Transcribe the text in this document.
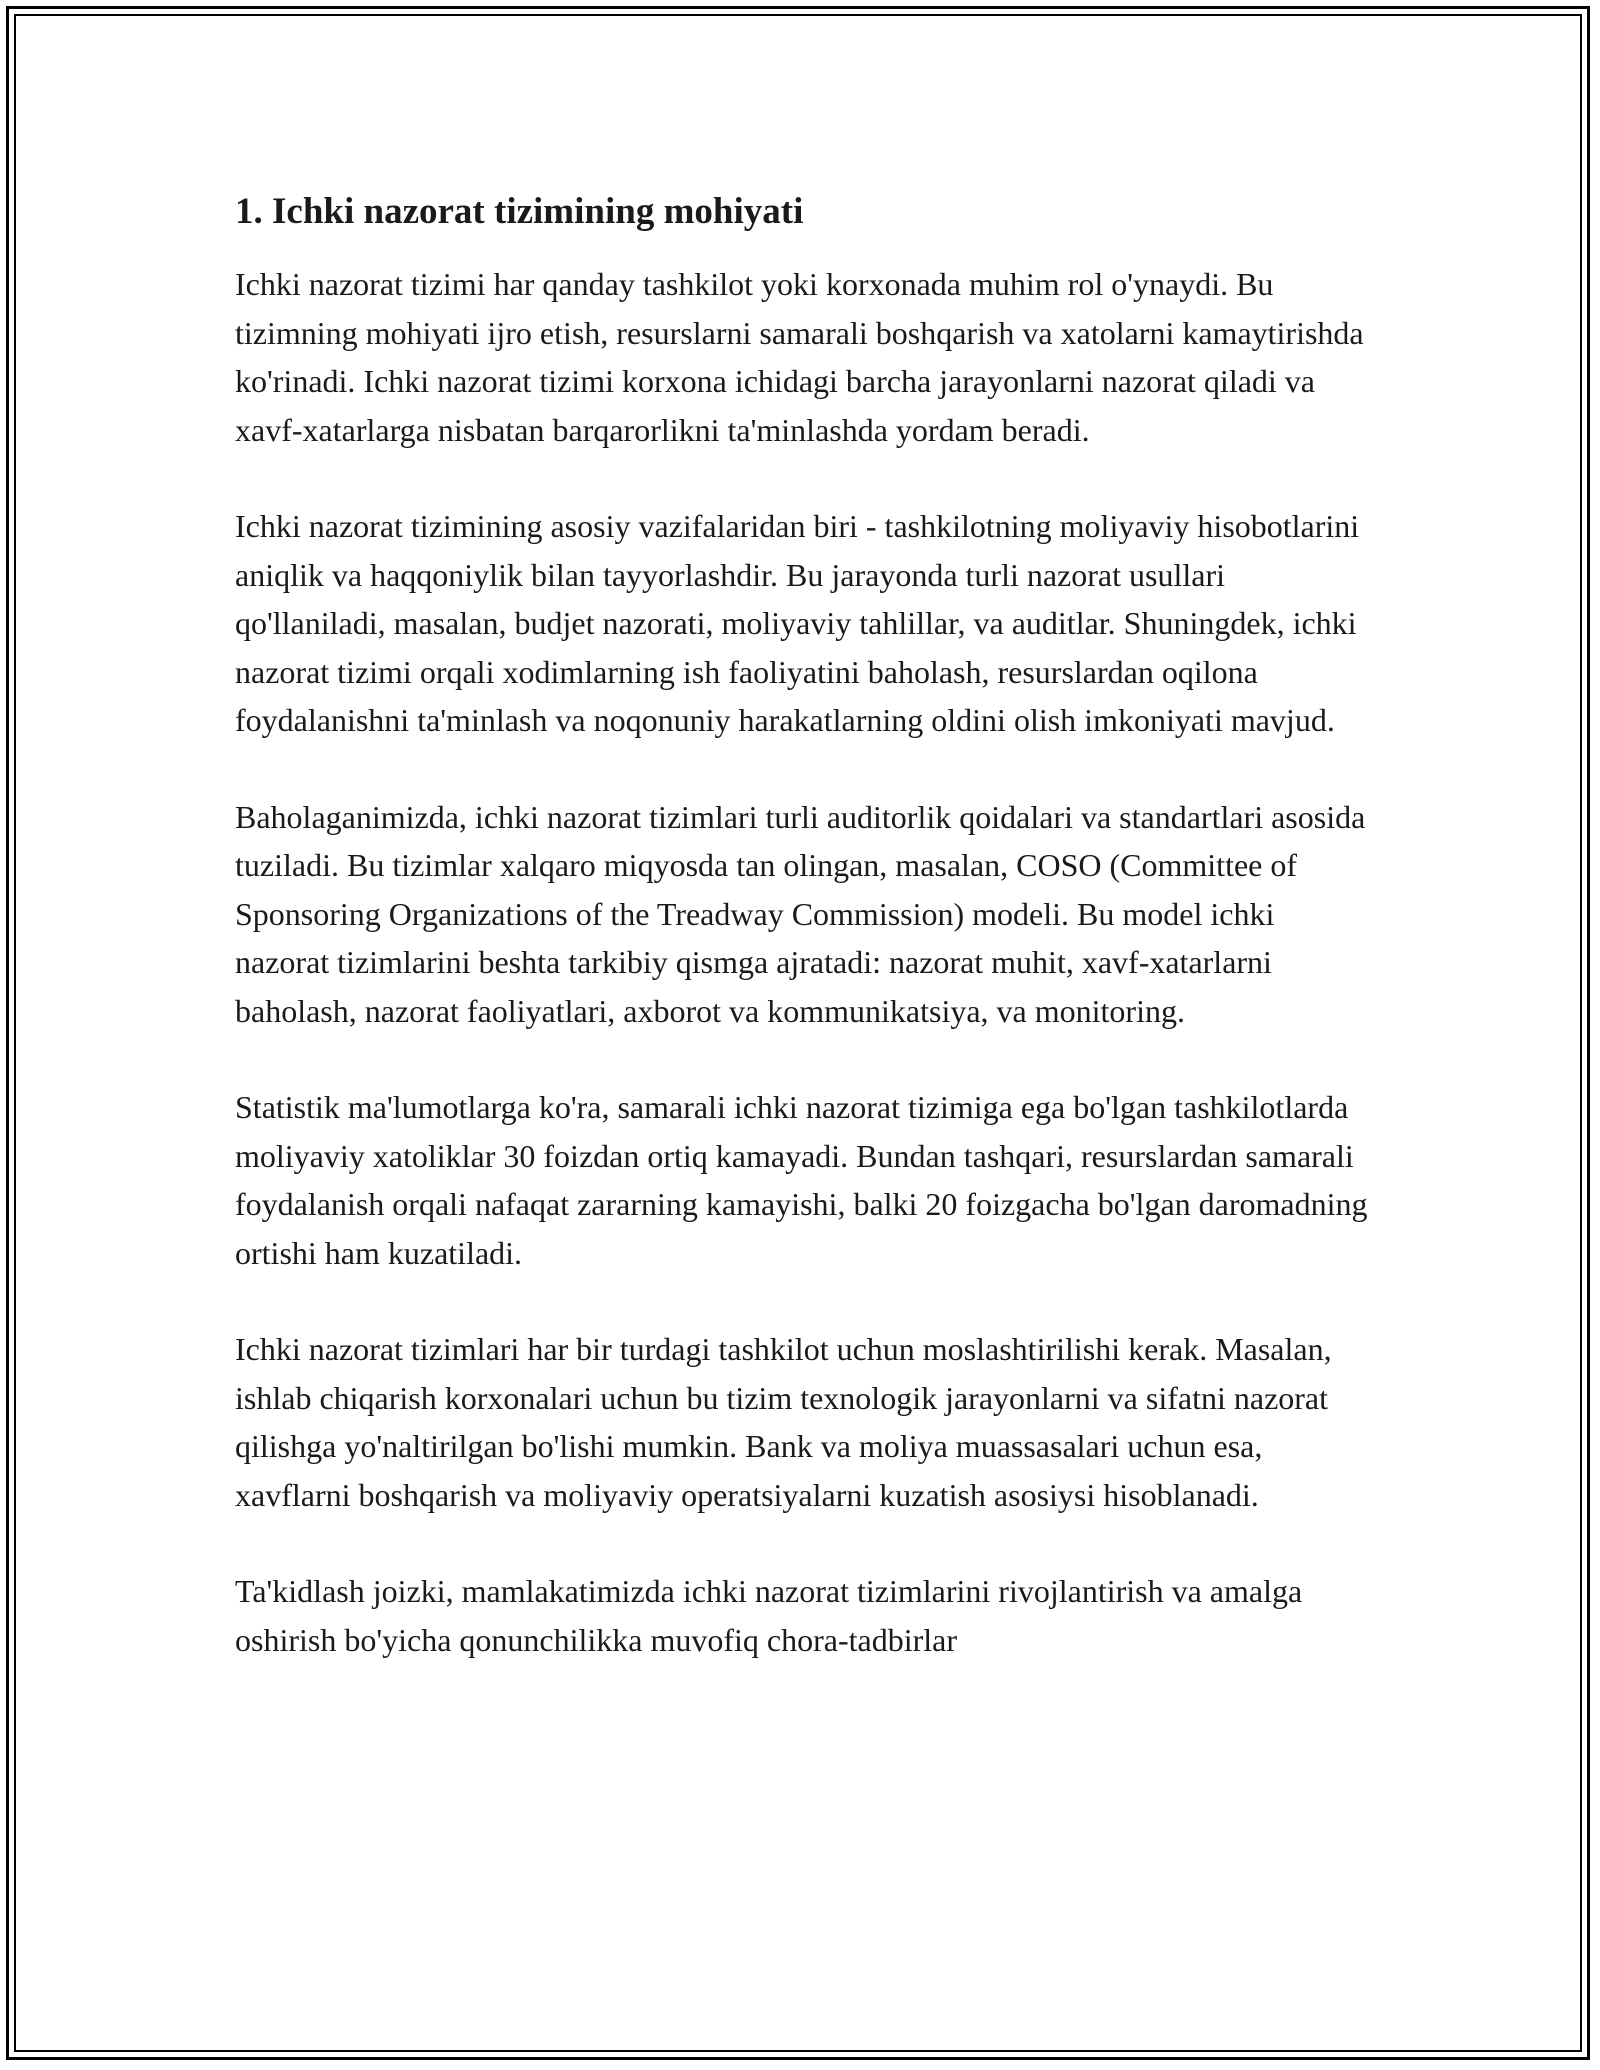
1. Ichki nazorat tizimining mohiyati

Ichki nazorat tizimi har qanday tashkilot yoki korxonada muhim rol o'ynaydi. Bu tizimning mohiyati ijro etish, resurslarni samarali boshqarish va xatolarni kamaytirishda ko'rinadi. Ichki nazorat tizimi korxona ichidagi barcha jarayonlarni nazorat qiladi va xavf-xatarlarga nisbatan barqarorlikni ta'minlashda yordam beradi.

Ichki nazorat tizimining asosiy vazifalaridan biri - tashkilotning moliyaviy hisobotlarini aniqlik va haqqoniylik bilan tayyorlashdir. Bu jarayonda turli nazorat usullari qo'llaniladi, masalan, budjet nazorati, moliyaviy tahlillar, va auditlar. Shuningdek, ichki nazorat tizimi orqali xodimlarning ish faoliyatini baholash, resurslardan oqilona foydalanishni ta'minlash va noqonuniy harakatlarning oldini olish imkoniyati mavjud.

Baholaganimizda, ichki nazorat tizimlari turli auditorlik qoidalari va standartlari asosida tuziladi. Bu tizimlar xalqaro miqyosda tan olingan, masalan, COSO (Committee of Sponsoring Organizations of the Treadway Commission) modeli. Bu model ichki nazorat tizimlarini beshta tarkibiy qismga ajratadi: nazorat muhit, xavf-xatarlarni baholash, nazorat faoliyatlari, axborot va kommunikatsiya, va monitoring.

Statistik ma'lumotlarga ko'ra, samarali ichki nazorat tizimiga ega bo'lgan tashkilotlarda moliyaviy xatoliklar 30 foizdan ortiq kamayadi. Bundan tashqari, resurslardan samarali foydalanish orqali nafaqat zararning kamayishi, balki 20 foizgacha bo'lgan daromadning ortishi ham kuzatiladi.

Ichki nazorat tizimlari har bir turdagi tashkilot uchun moslashtirilishi kerak. Masalan, ishlab chiqarish korxonalari uchun bu tizim texnologik jarayonlarni va sifatni nazorat qilishga yo'naltirilgan bo'lishi mumkin. Bank va moliya muassasalari uchun esa, xavflarni boshqarish va moliyaviy operatsiyalarni kuzatish asosiysi hisoblanadi.

Ta'kidlash joizki, mamlakatimizda ichki nazorat tizimlarini rivojlantirish va amalga oshirish bo'yicha qonunchilikka muvofiq chora-tadbirlar
